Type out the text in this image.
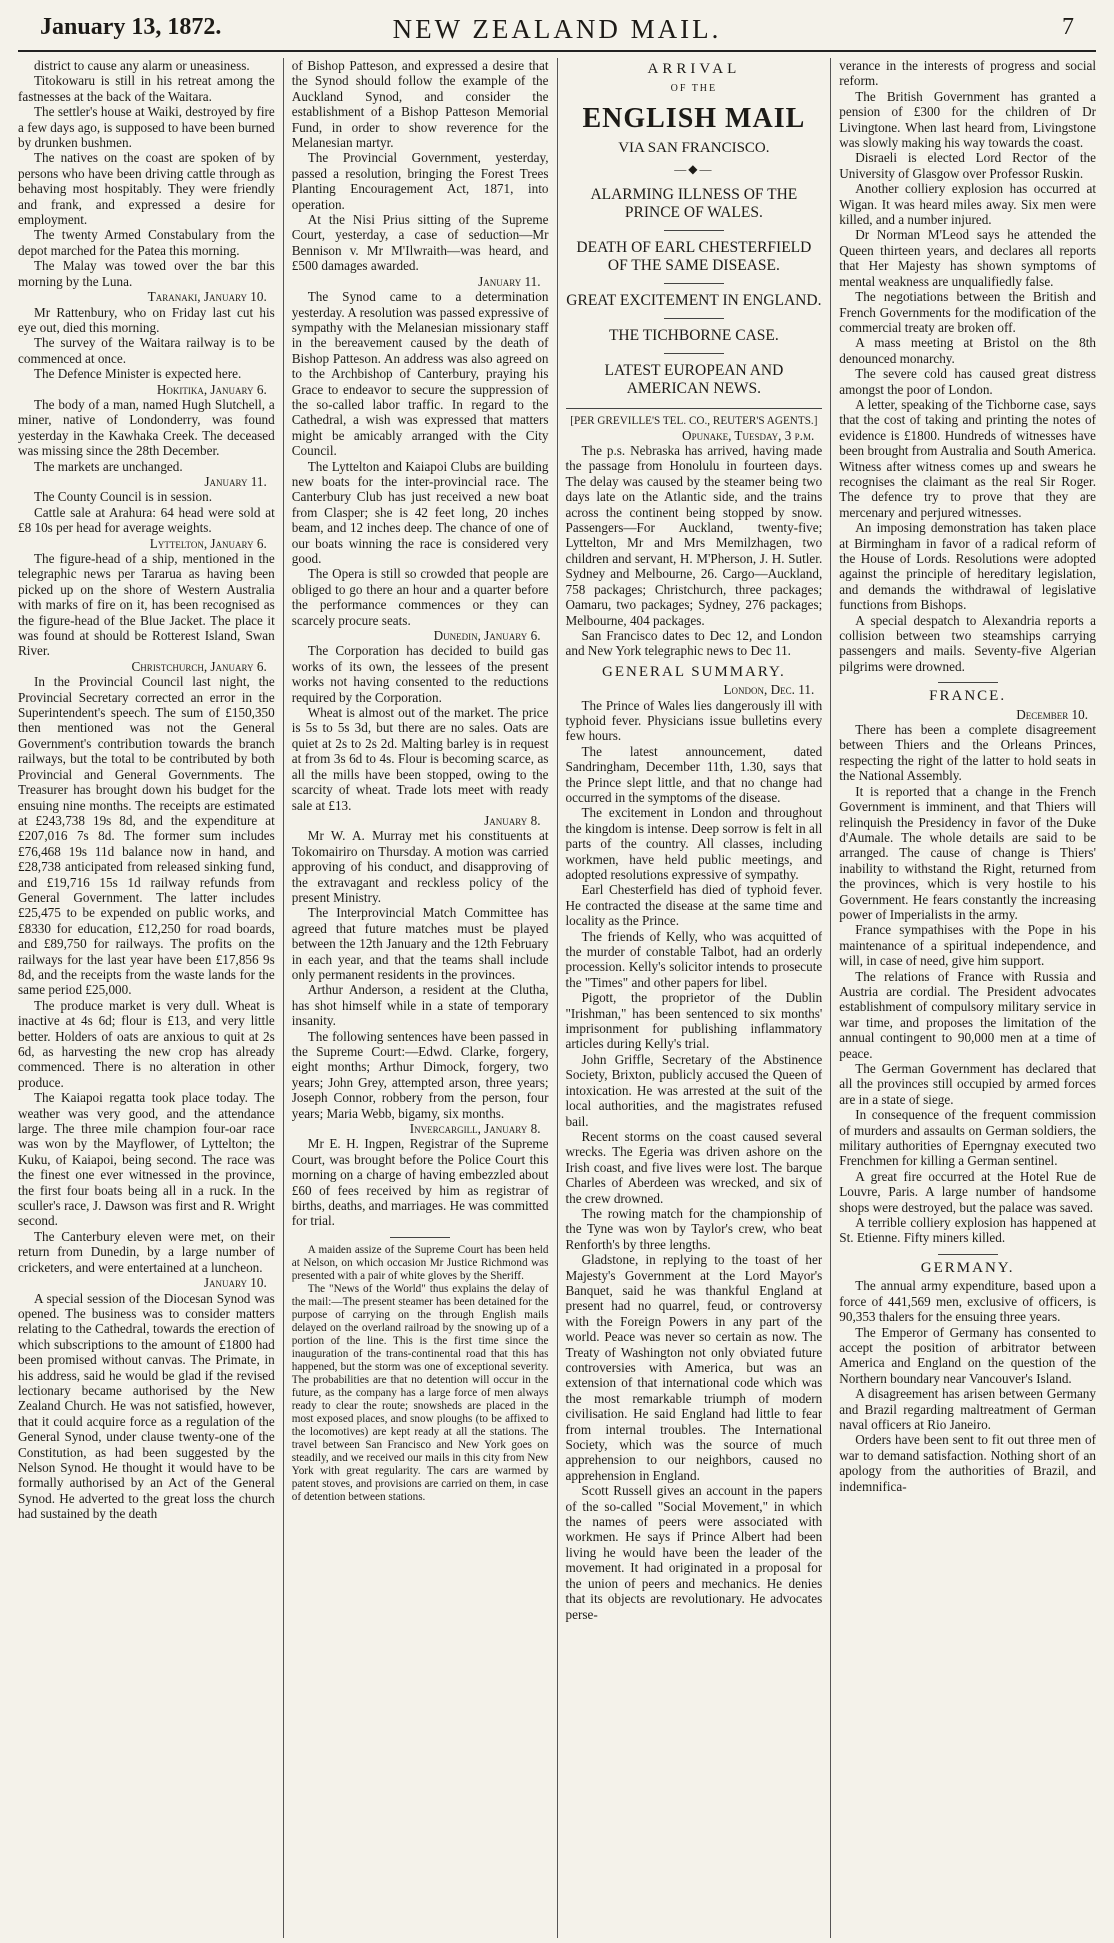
January 13, 1872.	NEW ZEALAND MAIL.	7

district to cause any alarm or uneasiness.

Titokowaru is still in his retreat among the fastnesses at the back of the Waitara.

The settler's house at Waiki, destroyed by fire a few days ago, is supposed to have been burned by drunken bushmen.

The natives on the coast are spoken of by persons who have been driving cattle through as behaving most hospitably. They were friendly and frank, and expressed a desire for employment.

The twenty Armed Constabulary from the depot marched for the Patea this morning.

The Malay was towed over the bar this morning by the Luna.

Taranaki, January 10.

Mr Rattenbury, who on Friday last cut his eye out, died this morning.

The survey of the Waitara railway is to be commenced at once.

The Defence Minister is expected here.

Hokitika, January 6.

The body of a man, named Hugh Slutchell, a miner, native of Londonderry, was found yesterday in the Kawhaka Creek. The deceased was missing since the 28th December.

The markets are unchanged.

January 11.

The County Council is in session.

Cattle sale at Arahura: 64 head were sold at £8 10s per head for average weights.

Lyttelton, January 6.

The figure-head of a ship, mentioned in the telegraphic news per Tararua as having been picked up on the shore of Western Australia with marks of fire on it, has been recognised as the figure-head of the Blue Jacket. The place it was found at should be Rotterest Island, Swan River.

Christchurch, January 6.

In the Provincial Council last night, the Provincial Secretary corrected an error in the Superintendent's speech. The sum of £150,350 then mentioned was not the General Government's contribution towards the branch railways, but the total to be contributed by both Provincial and General Governments. The Treasurer has brought down his budget for the ensuing nine months. The receipts are estimated at £243,738 19s 8d, and the expenditure at £207,016 7s 8d. The former sum includes £76,468 19s 11d balance now in hand, and £28,738 anticipated from released sinking fund, and £19,716 15s 1d railway refunds from General Government. The latter includes £25,475 to be expended on public works, and £8330 for education, £12,250 for road boards, and £89,750 for railways. The profits on the railways for the last year have been £17,856 9s 8d, and the receipts from the waste lands for the same period £25,000.

The produce market is very dull. Wheat is inactive at 4s 6d; flour is £13, and very little better. Holders of oats are anxious to quit at 2s 6d, as harvesting the new crop has already commenced. There is no alteration in other produce.

The Kaiapoi regatta took place today. The weather was very good, and the attendance large. The three mile champion four-oar race was won by the Mayflower, of Lyttelton; the Kuku, of Kaiapoi, being second. The race was the finest one ever witnessed in the province, the first four boats being all in a ruck. In the sculler's race, J. Dawson was first and R. Wright second.

The Canterbury eleven were met, on their return from Dunedin, by a large number of cricketers, and were entertained at a luncheon.

January 10.

A special session of the Diocesan Synod was opened. The business was to consider matters relating to the Cathedral, towards the erection of which subscriptions to the amount of £1800 had been promised without canvas. The Primate, in his address, said he would be glad if the revised lectionary became authorised by the New Zealand Church. He was not satisfied, however, that it could acquire force as a regulation of the General Synod, under clause twenty-one of the Constitution, as had been suggested by the Nelson Synod. He thought it would have to be formally authorised by an Act of the General Synod. He adverted to the great loss the church had sustained by the death

of Bishop Patteson, and expressed a desire that the Synod should follow the example of the Auckland Synod, and consider the establishment of a Bishop Patteson Memorial Fund, in order to show reverence for the Melanesian martyr.

The Provincial Government, yesterday, passed a resolution, bringing the Forest Trees Planting Encouragement Act, 1871, into operation.

At the Nisi Prius sitting of the Supreme Court, yesterday, a case of seduction—Mr Bennison v. Mr M'Ilwraith—was heard, and £500 damages awarded.

January 11.

The Synod came to a determination yesterday. A resolution was passed expressive of sympathy with the Melanesian missionary staff in the bereavement caused by the death of Bishop Patteson. An address was also agreed on to the Archbishop of Canterbury, praying his Grace to endeavor to secure the suppression of the so-called labor traffic. In regard to the Cathedral, a wish was expressed that matters might be amicably arranged with the City Council.

The Lyttelton and Kaiapoi Clubs are building new boats for the inter-provincial race. The Canterbury Club has just received a new boat from Clasper; she is 42 feet long, 20 inches beam, and 12 inches deep. The chance of one of our boats winning the race is considered very good.

The Opera is still so crowded that people are obliged to go there an hour and a quarter before the performance commences or they can scarcely procure seats.

Dunedin, January 6.

The Corporation has decided to build gas works of its own, the lessees of the present works not having consented to the reductions required by the Corporation.

Wheat is almost out of the market. The price is 5s to 5s 3d, but there are no sales. Oats are quiet at 2s to 2s 2d. Malting barley is in request at from 3s 6d to 4s. Flour is becoming scarce, as all the mills have been stopped, owing to the scarcity of wheat. Trade lots meet with ready sale at £13.

January 8.

Mr W. A. Murray met his constituents at Tokomairiro on Thursday. A motion was carried approving of his conduct, and disapproving of the extravagant and reckless policy of the present Ministry.

The Interprovincial Match Committee has agreed that future matches must be played between the 12th January and the 12th February in each year, and that the teams shall include only permanent residents in the provinces.

Arthur Anderson, a resident at the Clutha, has shot himself while in a state of temporary insanity.

The following sentences have been passed in the Supreme Court:—Edwd. Clarke, forgery, eight months; Arthur Dimock, forgery, two years; John Grey, attempted arson, three years; Joseph Connor, robbery from the person, four years; Maria Webb, bigamy, six months.

Invercargill, January 8.

Mr E. H. Ingpen, Registrar of the Supreme Court, was brought before the Police Court this morning on a charge of having embezzled about £60 of fees received by him as registrar of births, deaths, and marriages. He was committed for trial.

A maiden assize of the Supreme Court has been held at Nelson, on which occasion Mr Justice Richmond was presented with a pair of white gloves by the Sheriff.

The "News of the World" thus explains the delay of the mail:—The present steamer has been detained for the purpose of carrying on the through English mails delayed on the overland railroad by the snowing up of a portion of the line. This is the first time since the inauguration of the trans-continental road that this has happened, but the storm was one of exceptional severity. The probabilities are that no detention will occur in the future, as the company has a large force of men always ready to clear the route; snowsheds are placed in the most exposed places, and snow ploughs (to be affixed to the locomotives) are kept ready at all the stations. The travel between San Francisco and New York goes on steadily, and we received our mails in this city from New York with great regularity. The cars are warmed by patent stoves, and provisions are carried on them, in case of detention between stations.

ARRIVAL
OF THE
ENGLISH MAIL
VIA SAN FRANCISCO.
—◆—
ALARMING ILLNESS OF THE PRINCE OF WALES.
DEATH OF EARL CHESTERFIELD OF THE SAME DISEASE.
GREAT EXCITEMENT IN ENGLAND.
THE TICHBORNE CASE.
LATEST EUROPEAN AND AMERICAN NEWS.

[PER GREVILLE'S TEL. CO., REUTER'S AGENTS.]

Opunake, Tuesday, 3 p.m.

The p.s. Nebraska has arrived, having made the passage from Honolulu in fourteen days. The delay was caused by the steamer being two days late on the Atlantic side, and the trains across the continent being stopped by snow. Passengers—For Auckland, twenty-five; Lyttelton, Mr and Mrs Memilzhagen, two children and servant, H. M'Pherson, J. H. Sutler. Sydney and Melbourne, 26. Cargo—Auckland, 758 packages; Christchurch, three packages; Oamaru, two packages; Sydney, 276 packages; Melbourne, 404 packages.

San Francisco dates to Dec 12, and London and New York telegraphic news to Dec 11.

GENERAL SUMMARY.

London, Dec. 11.

The Prince of Wales lies dangerously ill with typhoid fever. Physicians issue bulletins every few hours.

The latest announcement, dated Sandringham, December 11th, 1.30, says that the Prince slept little, and that no change had occurred in the symptoms of the disease.

The excitement in London and throughout the kingdom is intense. Deep sorrow is felt in all parts of the country. All classes, including workmen, have held public meetings, and adopted resolutions expressive of sympathy.

Earl Chesterfield has died of typhoid fever. He contracted the disease at the same time and locality as the Prince.

The friends of Kelly, who was acquitted of the murder of constable Talbot, had an orderly procession. Kelly's solicitor intends to prosecute the "Times" and other papers for libel.

Pigott, the proprietor of the Dublin "Irishman," has been sentenced to six months' imprisonment for publishing inflammatory articles during Kelly's trial.

John Griffle, Secretary of the Abstinence Society, Brixton, publicly accused the Queen of intoxication. He was arrested at the suit of the local authorities, and the magistrates refused bail.

Recent storms on the coast caused several wrecks. The Egeria was driven ashore on the Irish coast, and five lives were lost. The barque Charles of Aberdeen was wrecked, and six of the crew drowned.

The rowing match for the championship of the Tyne was won by Taylor's crew, who beat Renforth's by three lengths.

Gladstone, in replying to the toast of her Majesty's Government at the Lord Mayor's Banquet, said he was thankful England at present had no quarrel, feud, or controversy with the Foreign Powers in any part of the world. Peace was never so certain as now. The Treaty of Washington not only obviated future controversies with America, but was an extension of that international code which was the most remarkable triumph of modern civilisation. He said England had little to fear from internal troubles. The International Society, which was the source of much apprehension to our neighbors, caused no apprehension in England.

Scott Russell gives an account in the papers of the so-called "Social Movement," in which the names of peers were associated with workmen. He says if Prince Albert had been living he would have been the leader of the movement. It had originated in a proposal for the union of peers and mechanics. He denies that its objects are revolutionary. He advocates perse-

verance in the interests of progress and social reform.

The British Government has granted a pension of £300 for the children of Dr Livingtone. When last heard from, Livingstone was slowly making his way towards the coast.

Disraeli is elected Lord Rector of the University of Glasgow over Professor Ruskin.

Another colliery explosion has occurred at Wigan. It was heard miles away. Six men were killed, and a number injured.

Dr Norman M'Leod says he attended the Queen thirteen years, and declares all reports that Her Majesty has shown symptoms of mental weakness are unqualifiedly false.

The negotiations between the British and French Governments for the modification of the commercial treaty are broken off.

A mass meeting at Bristol on the 8th denounced monarchy.

The severe cold has caused great distress amongst the poor of London.

A letter, speaking of the Tichborne case, says that the cost of taking and printing the notes of evidence is £1800. Hundreds of witnesses have been brought from Australia and South America. Witness after witness comes up and swears he recognises the claimant as the real Sir Roger. The defence try to prove that they are mercenary and perjured witnesses.

An imposing demonstration has taken place at Birmingham in favor of a radical reform of the House of Lords. Resolutions were adopted against the principle of hereditary legislation, and demands the withdrawal of legislative functions from Bishops.

A special despatch to Alexandria reports a collision between two steamships carrying passengers and mails. Seventy-five Algerian pilgrims were drowned.

FRANCE.

December 10.

There has been a complete disagreement between Thiers and the Orleans Princes, respecting the right of the latter to hold seats in the National Assembly.

It is reported that a change in the French Government is imminent, and that Thiers will relinquish the Presidency in favor of the Duke d'Aumale. The whole details are said to be arranged. The cause of change is Thiers' inability to withstand the Right, returned from the provinces, which is very hostile to his Government. He fears constantly the increasing power of Imperialists in the army.

France sympathises with the Pope in his maintenance of a spiritual independence, and will, in case of need, give him support.

The relations of France with Russia and Austria are cordial. The President advocates establishment of compulsory military service in war time, and proposes the limitation of the annual contingent to 90,000 men at a time of peace.

The German Government has declared that all the provinces still occupied by armed forces are in a state of siege.

In consequence of the frequent commission of murders and assaults on German soldiers, the military authorities of Eperngnay executed two Frenchmen for killing a German sentinel.

A great fire occurred at the Hotel Rue de Louvre, Paris. A large number of handsome shops were destroyed, but the palace was saved.

A terrible colliery explosion has happened at St. Etienne. Fifty miners killed.

GERMANY.

The annual army expenditure, based upon a force of 441,569 men, exclusive of officers, is 90,353 thalers for the ensuing three years.

The Emperor of Germany has consented to accept the position of arbitrator between America and England on the question of the Northern boundary near Vancouver's Island.

A disagreement has arisen between Germany and Brazil regarding maltreatment of German naval officers at Rio Janeiro.

Orders have been sent to fit out three men of war to demand satisfaction. Nothing short of an apology from the authorities of Brazil, and indemnifica-
